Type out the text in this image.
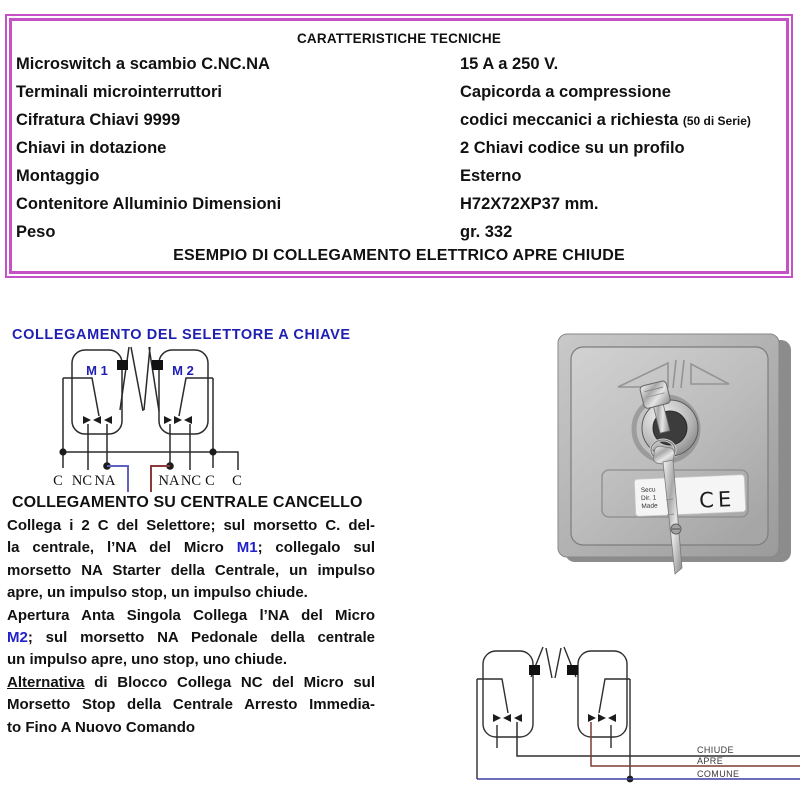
CARATTERISTICHE TECNICHE
Microswitch a scambio C.NC.NA	15 A a 250 V.
Terminali microinterruttori	Capicorda a compressione
Cifratura Chiavi 9999	codici meccanici a richiesta (50 di Serie)
Chiavi in dotazione	2 Chiavi codice su un profilo
Montaggio	Esterno
Contenitore Alluminio Dimensioni	H72X72XP37 mm.
Peso	gr. 332
ESEMPIO DI COLLEGAMENTO ELETTRICO APRE CHIUDE
COLLEGAMENTO DEL SELETTORE A CHIAVE
M 1	M 2
C NC NA	NA NC C C
COLLEGAMENTO SU CENTRALE CANCELLO
Collega i 2 C del Selettore; sul morsetto C. del-
la centrale, l’NA del Micro M1; collegalo sul
morsetto NA Starter della Centrale, un impulso
apre, un impulso stop, un impulso chiude.
Apertura Anta Singola Collega l’NA del Micro
M2; sul morsetto NA Pedonale della centrale
un impulso apre, uno stop, uno chiude.
Alternativa di Blocco Collega NC del Micro sul
Morsetto Stop della Centrale Arresto Immedia-
to Fino A Nuovo Comando
Secu
Dir. 1
Made CE
CHIUDE
APRE
COMUNE
